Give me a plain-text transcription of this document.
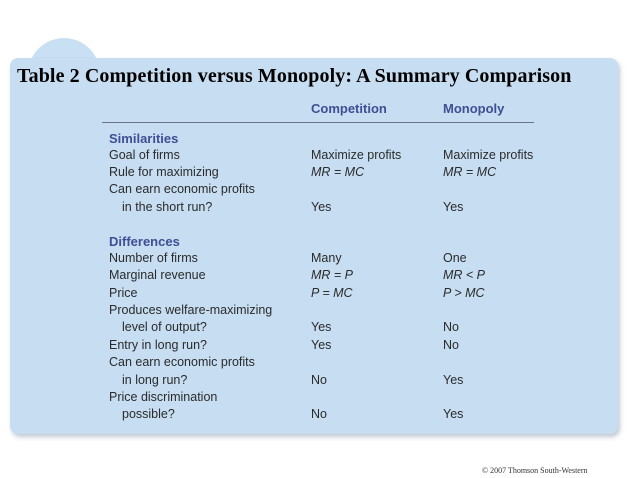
Table 2 Competition versus Monopoly: A Summary Comparison
Competition	Monopoly
Similarities
Goal of firms	Maximize profits	Maximize profits
Rule for maximizing	MR = MC	MR = MC
Can earn economic profits
in the short run?	Yes	Yes
Differences
Number of firms	Many	One
Marginal revenue	MR = P	MR < P
Price	P = MC	P > MC
Produces welfare-maximizing
level of output?	Yes	No
Entry in long run?	Yes	No
Can earn economic profits
in long run?	No	Yes
Price discrimination
possible?	No	Yes
© 2007 Thomson South-Western
